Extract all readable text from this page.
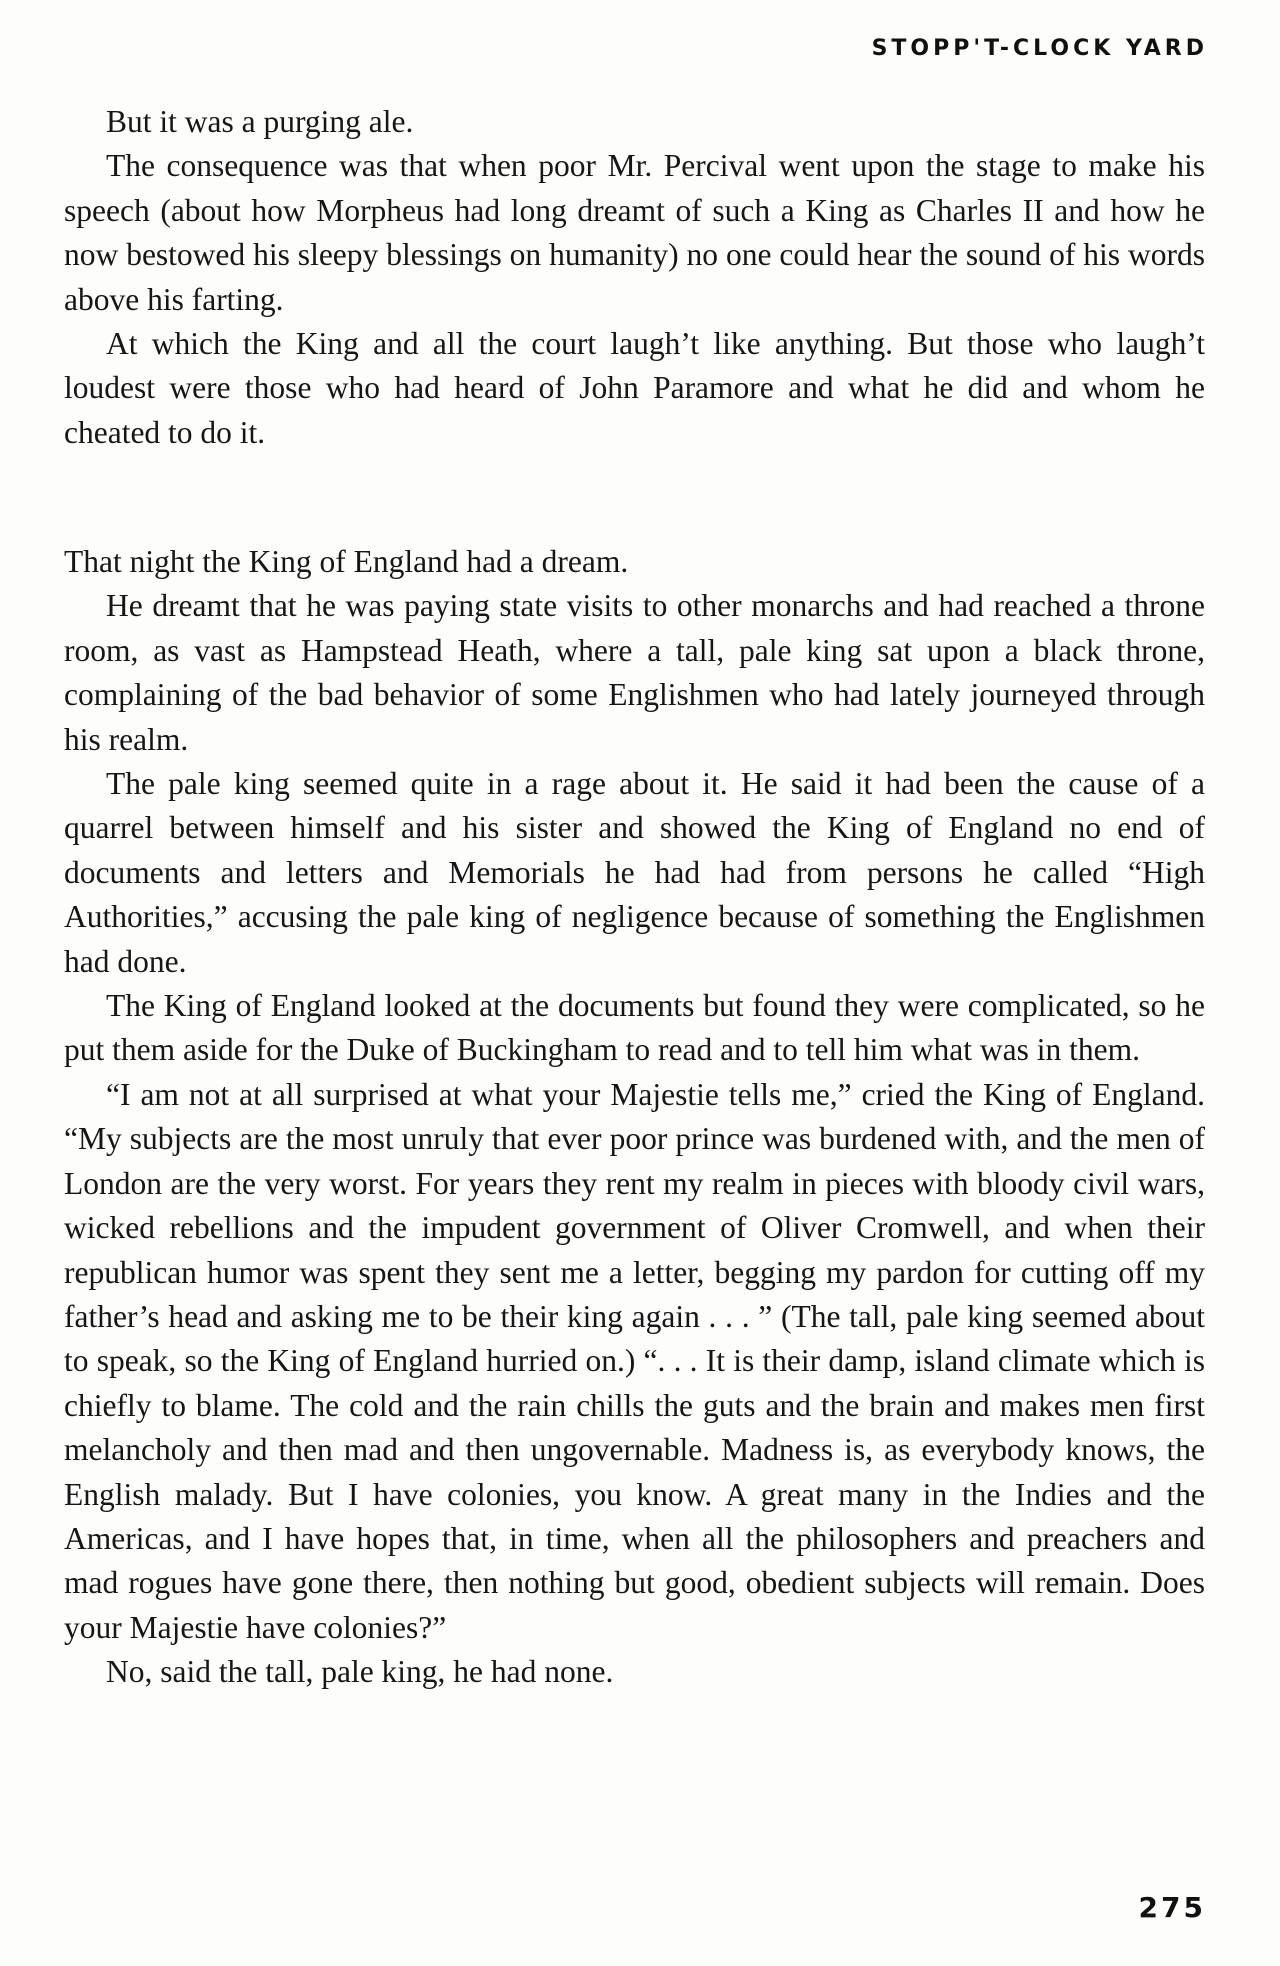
STOPP'T-CLOCK YARD

But it was a purging ale.

The consequence was that when poor Mr. Percival went upon the stage to make his speech (about how Morpheus had long dreamt of such a King as Charles II and how he now bestowed his sleepy blessings on humanity) no one could hear the sound of his words above his farting.

At which the King and all the court laugh’t like anything. But those who laugh’t loudest were those who had heard of John Paramore and what he did and whom he cheated to do it.

That night the King of England had a dream.

He dreamt that he was paying state visits to other monarchs and had reached a throne room, as vast as Hampstead Heath, where a tall, pale king sat upon a black throne, complaining of the bad behavior of some Englishmen who had lately journeyed through his realm.

The pale king seemed quite in a rage about it. He said it had been the cause of a quarrel between himself and his sister and showed the King of England no end of documents and letters and Memorials he had had from persons he called “High Authorities,” accusing the pale king of negligence because of something the Englishmen had done.

The King of England looked at the documents but found they were complicated, so he put them aside for the Duke of Buckingham to read and to tell him what was in them.

“I am not at all surprised at what your Majestie tells me,” cried the King of England. “My subjects are the most unruly that ever poor prince was burdened with, and the men of London are the very worst. For years they rent my realm in pieces with bloody civil wars, wicked rebellions and the impudent government of Oliver Cromwell, and when their republican humor was spent they sent me a letter, begging my pardon for cutting off my father’s head and asking me to be their king again . . . ” (The tall, pale king seemed about to speak, so the King of England hurried on.) “. . . It is their damp, island climate which is chiefly to blame. The cold and the rain chills the guts and the brain and makes men first melancholy and then mad and then ungovernable. Madness is, as everybody knows, the English malady. But I have colonies, you know. A great many in the Indies and the Americas, and I have hopes that, in time, when all the philosophers and preachers and mad rogues have gone there, then nothing but good, obedient subjects will remain. Does your Majestie have colonies?”

No, said the tall, pale king, he had none.

275
